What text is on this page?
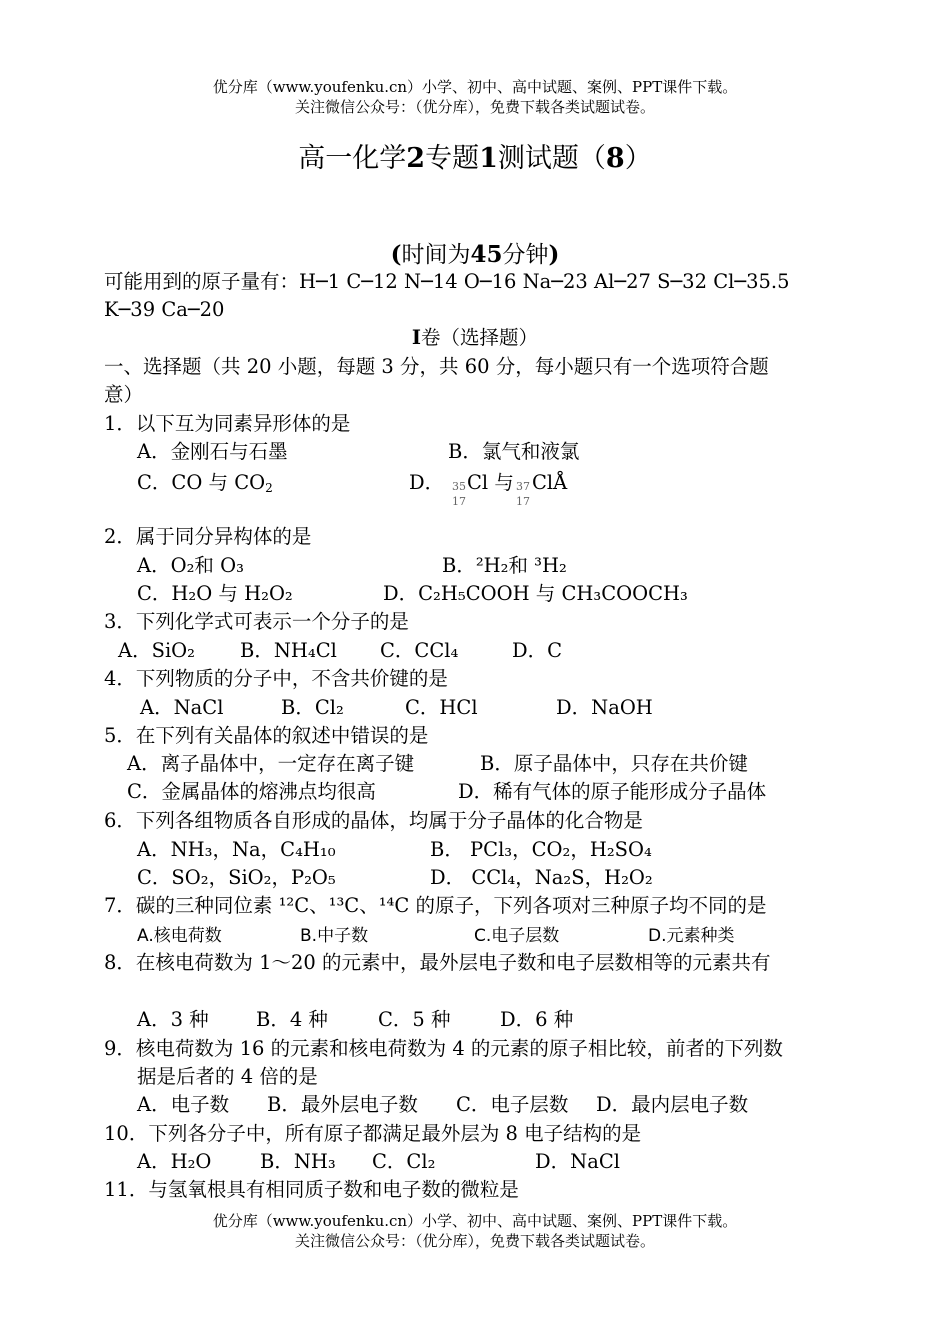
优分库（www.youfenku.cn）小学、初中、高中试题、案例、PPT课件下载。
关注微信公众号：（优分库），免费下载各类试题试卷。
高一化学2专题1测试题（8）
(时间为45分钟)
可能用到的原子量有：H─1 C─12 N─14 O─16 Na─23 Al─27 S─32 Cl─35.5
K─39 Ca─20
I卷（选择题）
一、选择题（共 20 小题，每题 3 分，共 60 分，每小题只有一个选项符合题
意）
1．以下互为同素异形体的是
A．金刚石与石墨	B．氯气和液氯
C．CO 与 $CO_2$	D． 35
17
Cl 与 37
17
ClA
2．属于同分异构体的是
A．O₂和 O₃	B．²H₂和 ³H₂
C．H₂O 与 H₂O₂	D．C₂H₅COOH 与 CH₃COOCH₃
3．下列化学式可表示一个分子的是
A．SiO₂ B．NH₄Cl C．CCl₄	D．C
4．下列物质的分子中，不含共价键的是
A．NaCl	B．Cl₂	C．HCl	D．NaOH
5．在下列有关晶体的叙述中错误的是
A．离子晶体中，一定存在离子键	B．原子晶体中，只存在共价键
C．金属晶体的熔沸点均很高	D．稀有气体的原子能形成分子晶体
6．下列各组物质各自形成的晶体，均属于分子晶体的化合物是
A．NH₃，Na，C₄H₁₀	B． PCl₃，CO₂，H₂SO₄
C．SO₂，SiO₂，P₂O₅	D． CCl₄，Na₂S，H₂O₂
7．碳的三种同位素 ¹²C、¹³C、¹⁴C 的原子，下列各项对三种原子均不同的是
A.核电荷数	B.中子数	C.电子层数	D.元素种类
8．在核电荷数为 1～20 的元素中，最外层电子数和电子层数相等的元素共有
A．3 种 B．4 种	C．5 种	D．6 种
9．核电荷数为 16 的元素和核电荷数为 4 的元素的原子相比较，前者的下列数
据是后者的 4 倍的是
A．电子数 B．最外层电子数 C．电子层数 D．最内层电子数
10．下列各分子中，所有原子都满足最外层为 8 电子结构的是
A．H₂O B．NH₃ C．Cl₂	D．NaCl
11．与氢氧根具有相同质子数和电子数的微粒是
优分库（www.youfenku.cn）小学、初中、高中试题、案例、PPT课件下载。
关注微信公众号：（优分库），免费下载各类试题试卷。
